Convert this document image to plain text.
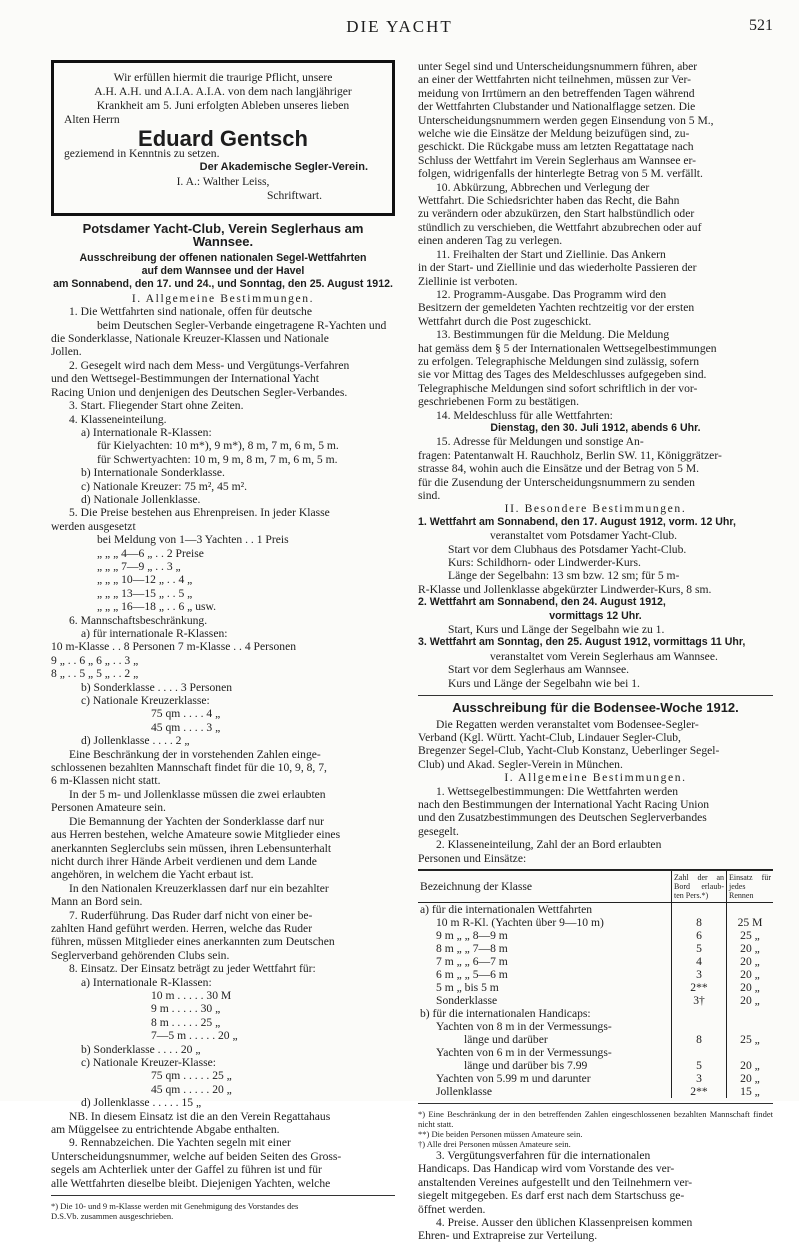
DIE YACHT	521
Wir erfüllen hiermit die traurige Pflicht, unsere
A.H. A.H. und A.I.A. A.I.A. von dem nach langjähriger
Krankheit am 5. Juni erfolgten Ableben unseres lieben
Alten Herrn
Eduard Gentsch
geziemend in Kenntnis zu setzen.
Der Akademische Segler-Verein.
I. A.: Walther Leiss,
Schriftwart.
Potsdamer Yacht-Club, Verein Seglerhaus am Wannsee.
Ausschreibung der offenen nationalen Segel-Wettfahrten
auf dem Wannsee und der Havel
am Sonnabend, den 17. und 24., und Sonntag, den 25. August 1912.
I. Allgemeine Bestimmungen.
1. Die Wettfahrten sind nationale, offen für deutsche
beim Deutschen Segler-Verbande eingetragene R-Yachten und
die Sonderklasse, Nationale Kreuzer-Klassen und Nationale
Jollen.
2. Gesegelt wird nach dem Mess- und Vergütungs-Verfahren
und den Wettsegel-Bestimmungen der International Yacht
Racing Union und denjenigen des Deutschen Segler-Verbandes.
3. Start. Fliegender Start ohne Zeiten.
4. Klasseneinteilung.
a) Internationale R-Klassen:
für Kielyachten: 10 m*), 9 m*), 8 m, 7 m, 6 m, 5 m.
für Schwertyachten: 10 m, 9 m, 8 m, 7 m, 6 m, 5 m.
b) Internationale Sonderklasse.
c) Nationale Kreuzer: 75 m², 45 m².
d) Nationale Jollenklasse.
5. Die Preise bestehen aus Ehrenpreisen. In jeder Klasse
werden ausgesetzt
bei Meldung von 1—3 Yachten . . 1 Preis
„ „ „ 4—6 „ . . 2 Preise
„ „ „ 7—9 „ . . 3 „
„ „ „ 10—12 „ . . 4 „
„ „ „ 13—15 „ . . 5 „
„ „ „ 16—18 „ . . 6 „ usw.
6. Mannschaftsbeschränkung.
a) für internationale R-Klassen:
10 m-Klasse . . 8 Personen 7 m-Klasse . . 4 Personen
9 „ . . 6 „ 6 „ . . 3 „
8 „ . . 5 „ 5 „ . . 2 „
b) Sonderklasse . . . . 3 Personen
c) Nationale Kreuzerklasse:
75 qm . . . . 4 „
45 qm . . . . 3 „
d) Jollenklasse . . . . 2 „
Eine Beschränkung der in vorstehenden Zahlen einge-
schlossenen bezahlten Mannschaft findet für die 10, 9, 8, 7,
6 m-Klassen nicht statt.
In der 5 m- und Jollenklasse müssen die zwei erlaubten
Personen Amateure sein.
Die Bemannung der Yachten der Sonderklasse darf nur
aus Herren bestehen, welche Amateure sowie Mitglieder eines
anerkannten Seglerclubs sein müssen, ihren Lebensunterhalt
nicht durch ihrer Hände Arbeit verdienen und dem Lande
angehören, in welchem die Yacht erbaut ist.
In den Nationalen Kreuzerklassen darf nur ein bezahlter
Mann an Bord sein.
7. Ruderführung. Das Ruder darf nicht von einer be-
zahlten Hand geführt werden. Herren, welche das Ruder
führen, müssen Mitglieder eines anerkannten zum Deutschen
Seglerverband gehörenden Clubs sein.
8. Einsatz. Der Einsatz beträgt zu jeder Wettfahrt für:
a) Internationale R-Klassen:
10 m . . . . . 30 M
9 m . . . . . 30 „
8 m . . . . . 25 „
7—5 m . . . . . 20 „
b) Sonderklasse . . . . 20 „
c) Nationale Kreuzer-Klasse:
75 qm . . . . . 25 „
45 qm . . . . . 20 „
d) Jollenklasse . . . . . 15 „
NB. In diesem Einsatz ist die an den Verein Regattahaus
am Müggelsee zu entrichtende Abgabe enthalten.
9. Rennabzeichen. Die Yachten segeln mit einer
Unterscheidungsnummer, welche auf beiden Seiten des Gross-
segels am Achterliek unter der Gaffel zu führen ist und für
alle Wettfahrten dieselbe bleibt. Diejenigen Yachten, welche
*) Die 10- und 9 m-Klasse werden mit Genehmigung des Vorstandes des
D.S.Vb. zusammen ausgeschrieben.
unter Segel sind und Unterscheidungsnummern führen, aber
an einer der Wettfahrten nicht teilnehmen, müssen zur Ver-
meidung von Irrtümern an den betreffenden Tagen während
der Wettfahrten Clubstander und Nationalflagge setzen. Die
Unterscheidungsnummern werden gegen Einsendung von 5 M.,
welche wie die Einsätze der Meldung beizufügen sind, zu-
geschickt. Die Rückgabe muss am letzten Regattatage nach
Schluss der Wettfahrt im Verein Seglerhaus am Wannsee er-
folgen, widrigenfalls der hinterlegte Betrag von 5 M. verfällt.
10. Abkürzung, Abbrechen und Verlegung der
Wettfahrt. Die Schiedsrichter haben das Recht, die Bahn
zu verändern oder abzukürzen, den Start halbstündlich oder
stündlich zu verschieben, die Wettfahrt abzubrechen oder auf
einen anderen Tag zu verlegen.
11. Freihalten der Start und Ziellinie. Das Ankern
in der Start- und Ziellinie und das wiederholte Passieren der
Ziellinie ist verboten.
12. Programm-Ausgabe. Das Programm wird den
Besitzern der gemeldeten Yachten rechtzeitig vor der ersten
Wettfahrt durch die Post zugeschickt.
13. Bestimmungen für die Meldung. Die Meldung
hat gemäss dem § 5 der Internationalen Wettsegelbestimmungen
zu erfolgen. Telegraphische Meldungen sind zulässig, sofern
sie vor Mittag des Tages des Meldeschlusses aufgegeben sind.
Telegraphische Meldungen sind sofort schriftlich in der vor-
geschriebenen Form zu bestätigen.
14. Meldeschluss für alle Wettfahrten:
Dienstag, den 30. Juli 1912, abends 6 Uhr.
15. Adresse für Meldungen und sonstige An-
fragen: Patentanwalt H. Rauchholz, Berlin SW. 11, Königgrätzer-
strasse 84, wohin auch die Einsätze und der Betrag von 5 M.
für die Zusendung der Unterscheidungsnummern zu senden
sind.
II. Besondere Bestimmungen.
1. Wettfahrt am Sonnabend, den 17. August 1912, vorm. 12 Uhr,
veranstaltet vom Potsdamer Yacht-Club.
Start vor dem Clubhaus des Potsdamer Yacht-Club.
Kurs: Schildhorn- oder Lindwerder-Kurs.
Länge der Segelbahn: 13 sm bzw. 12 sm; für 5 m-
R-Klasse und Jollenklasse abgekürzter Lindwerder-Kurs, 8 sm.
2. Wettfahrt am Sonnabend, den 24. August 1912,
vormittags 12 Uhr.
Start, Kurs und Länge der Segelbahn wie zu 1.
3. Wettfahrt am Sonntag, den 25. August 1912, vormittags 11 Uhr,
veranstaltet vom Verein Seglerhaus am Wannsee.
Start vor dem Seglerhaus am Wannsee.
Kurs und Länge der Segelbahn wie bei 1.
Ausschreibung für die Bodensee-Woche 1912.
Die Regatten werden veranstaltet vom Bodensee-Segler-
Verband (Kgl. Württ. Yacht-Club, Lindauer Segler-Club,
Bregenzer Segel-Club, Yacht-Club Konstanz, Ueberlinger Segel-
Club) und Akad. Segler-Verein in München.
I. Allgemeine Bestimmungen.
1. Wettsegelbestimmungen: Die Wettfahrten werden
nach den Bestimmungen der International Yacht Racing Union
und den Zusatzbestimmungen des Deutschen Seglerverbandes
gesegelt.
2. Klasseneinteilung, Zahl der an Bord erlaubten
Personen und Einsätze:
Bezeichnung der Klasse	Zahl der an Bord erlaub-ten Pers.*)	Einsatz für jedes Rennen
a) für die internationalen Wettfahrten		
10 m R-Kl. (Yachten über 9—10 m)	8	25 M
9 m „ „ 8—9 m	6	25 „
8 m „ „ 7—8 m	5	20 „
7 m „ „ 6—7 m	4	20 „
6 m „ „ 5—6 m	3	20 „
5 m „ bis 5 m	2**	20 „
Sonderklasse	3†	20 „
b) für die internationalen Handicaps:		
Yachten von 8 m in der Vermessungs-		
länge und darüber	8	25 „
Yachten von 6 m in der Vermessungs-		
länge und darüber bis 7.99	5	20 „
Yachten von 5.99 m und darunter	3	20 „
Jollenklasse	2**	15 „
*) Eine Beschränkung der in den betreffenden Zahlen eingeschlossenen bezahlten Mannschaft findet nicht statt.
**) Die beiden Personen müssen Amateure sein.
†) Alle drei Personen müssen Amateure sein.
3. Vergütungsverfahren für die internationalen
Handicaps. Das Handicap wird vom Vorstande des ver-
anstaltenden Vereines aufgestellt und den Teilnehmern ver-
siegelt mitgegeben. Es darf erst nach dem Startschuss ge-
öffnet werden.
4. Preise. Ausser den üblichen Klassenpreisen kommen
Ehren- und Extrapreise zur Verteilung.
